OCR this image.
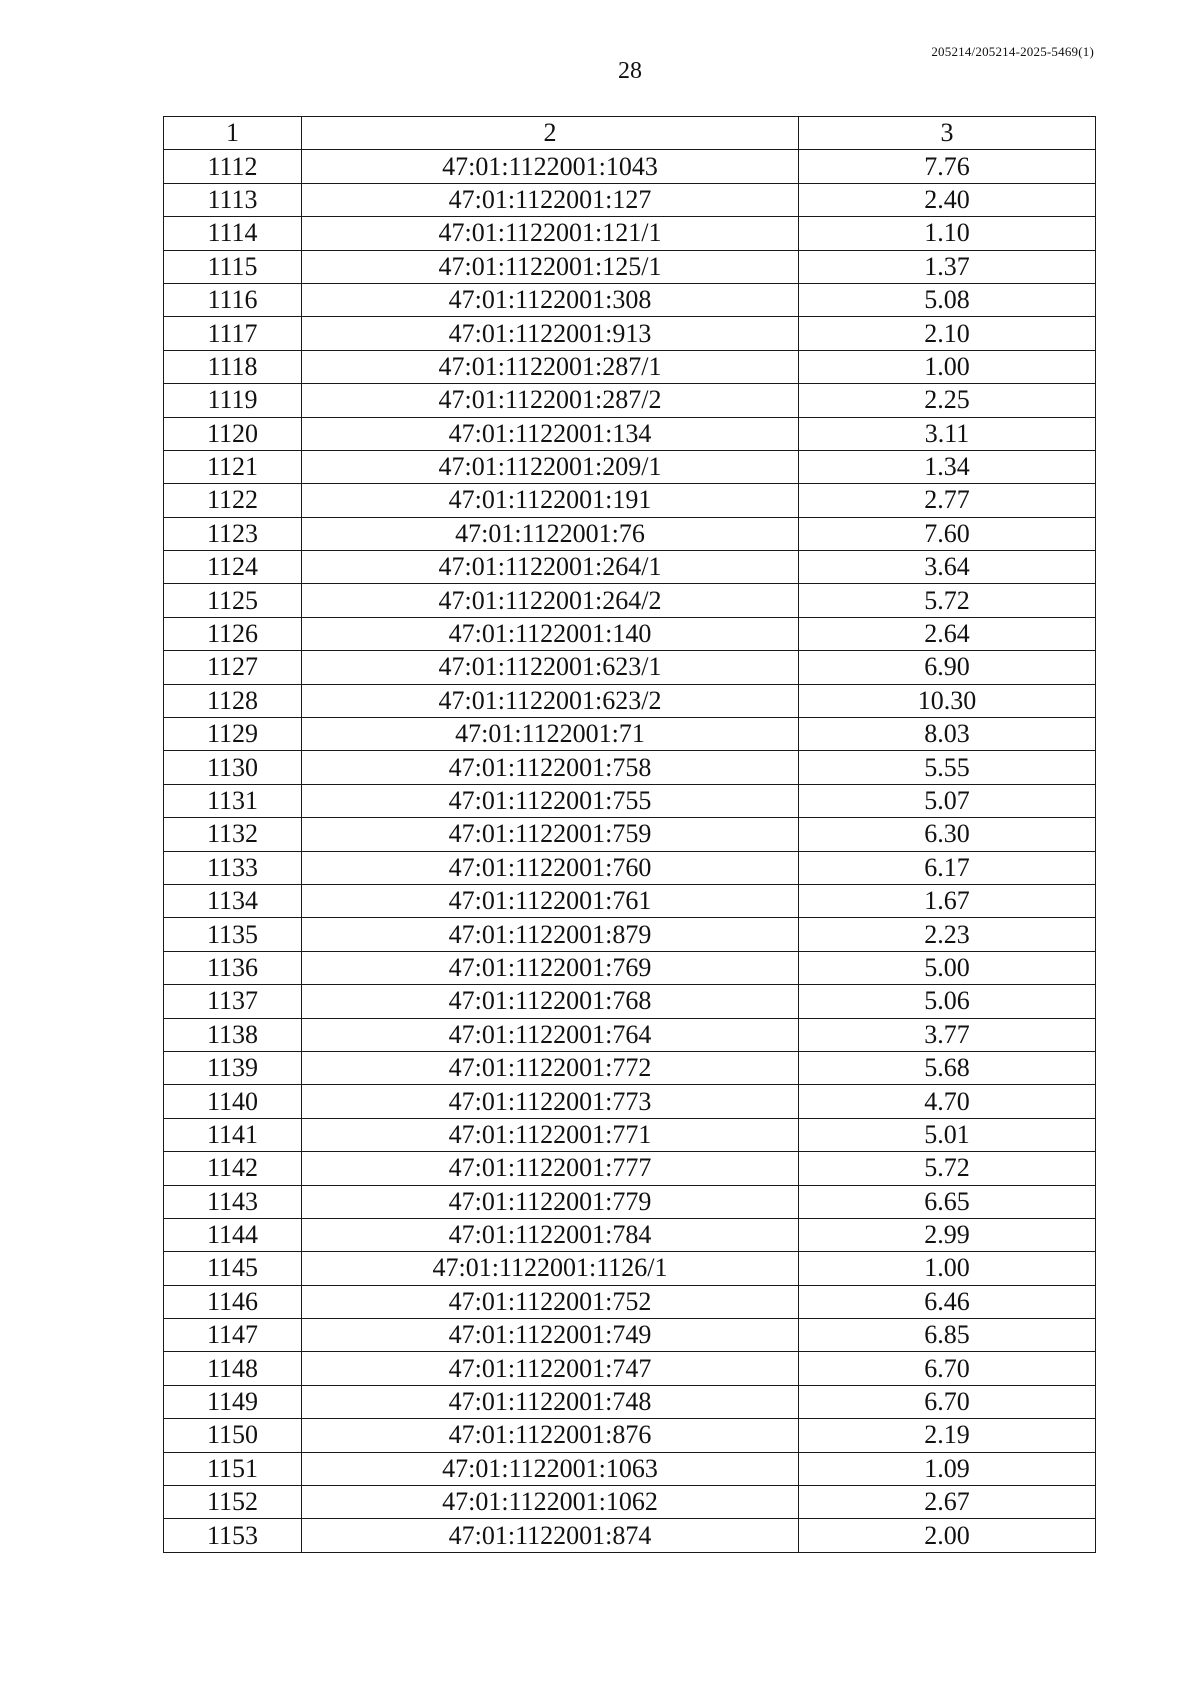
205214/205214-2025-5469(1)
28
1	2	3
1112	47:01:1122001:1043	7.76
1113	47:01:1122001:127	2.40
1114	47:01:1122001:121/1	1.10
1115	47:01:1122001:125/1	1.37
1116	47:01:1122001:308	5.08
1117	47:01:1122001:913	2.10
1118	47:01:1122001:287/1	1.00
1119	47:01:1122001:287/2	2.25
1120	47:01:1122001:134	3.11
1121	47:01:1122001:209/1	1.34
1122	47:01:1122001:191	2.77
1123	47:01:1122001:76	7.60
1124	47:01:1122001:264/1	3.64
1125	47:01:1122001:264/2	5.72
1126	47:01:1122001:140	2.64
1127	47:01:1122001:623/1	6.90
1128	47:01:1122001:623/2	10.30
1129	47:01:1122001:71	8.03
1130	47:01:1122001:758	5.55
1131	47:01:1122001:755	5.07
1132	47:01:1122001:759	6.30
1133	47:01:1122001:760	6.17
1134	47:01:1122001:761	1.67
1135	47:01:1122001:879	2.23
1136	47:01:1122001:769	5.00
1137	47:01:1122001:768	5.06
1138	47:01:1122001:764	3.77
1139	47:01:1122001:772	5.68
1140	47:01:1122001:773	4.70
1141	47:01:1122001:771	5.01
1142	47:01:1122001:777	5.72
1143	47:01:1122001:779	6.65
1144	47:01:1122001:784	2.99
1145	47:01:1122001:1126/1	1.00
1146	47:01:1122001:752	6.46
1147	47:01:1122001:749	6.85
1148	47:01:1122001:747	6.70
1149	47:01:1122001:748	6.70
1150	47:01:1122001:876	2.19
1151	47:01:1122001:1063	1.09
1152	47:01:1122001:1062	2.67
1153	47:01:1122001:874	2.00
